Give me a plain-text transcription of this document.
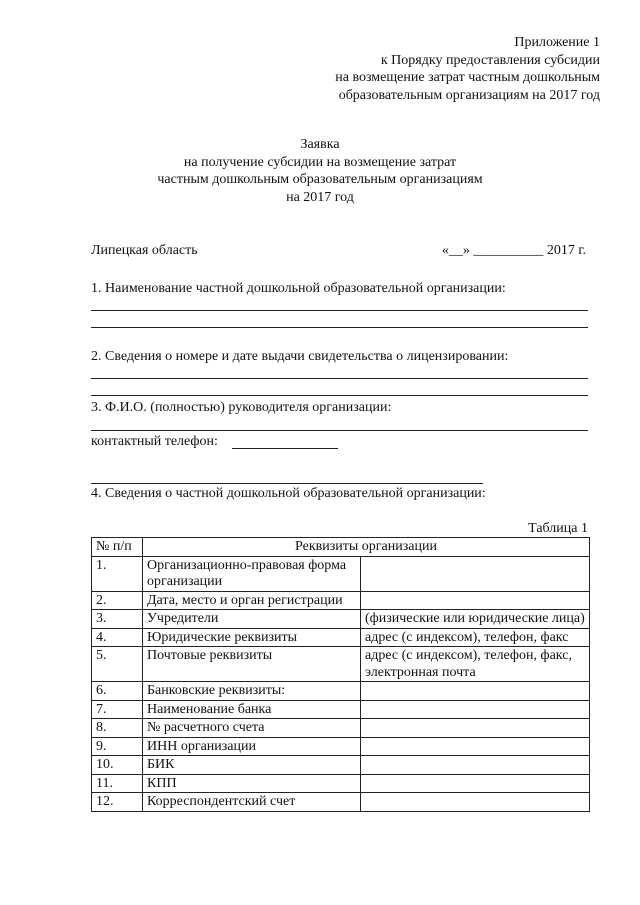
Приложение 1
к Порядку предоставления субсидии
на возмещение затрат частным дошкольным
образовательным организациям на 2017 год
Заявка
на получение субсидии на возмещение затрат
частным дошкольным образовательным организациям
на 2017 год
Липецкая область	«__» __________ 2017 г.
1. Наименование частной дошкольной образовательной организации:
2. Сведения о номере и дате выдачи свидетельства о лицензировании:
3. Ф.И.О. (полностью) руководителя организации:
контактный телефон:
4. Сведения о частной дошкольной образовательной организации:
Таблица 1
№ п/п	Реквизиты организации	
1.	Организационно-правовая форма организации	
2.	Дата, место и орган регистрации	
3.	Учредители	(физические или юридические лица)
4.	Юридические реквизиты	адрес (с индексом), телефон, факс
5.	Почтовые реквизиты	адрес (с индексом), телефон, факс, электронная почта
6.	Банковские реквизиты:	
7.	Наименование банка	
8.	№ расчетного счета	
9.	ИНН организации	
10.	БИК	
11.	КПП	
12.	Корреспондентский счет	
